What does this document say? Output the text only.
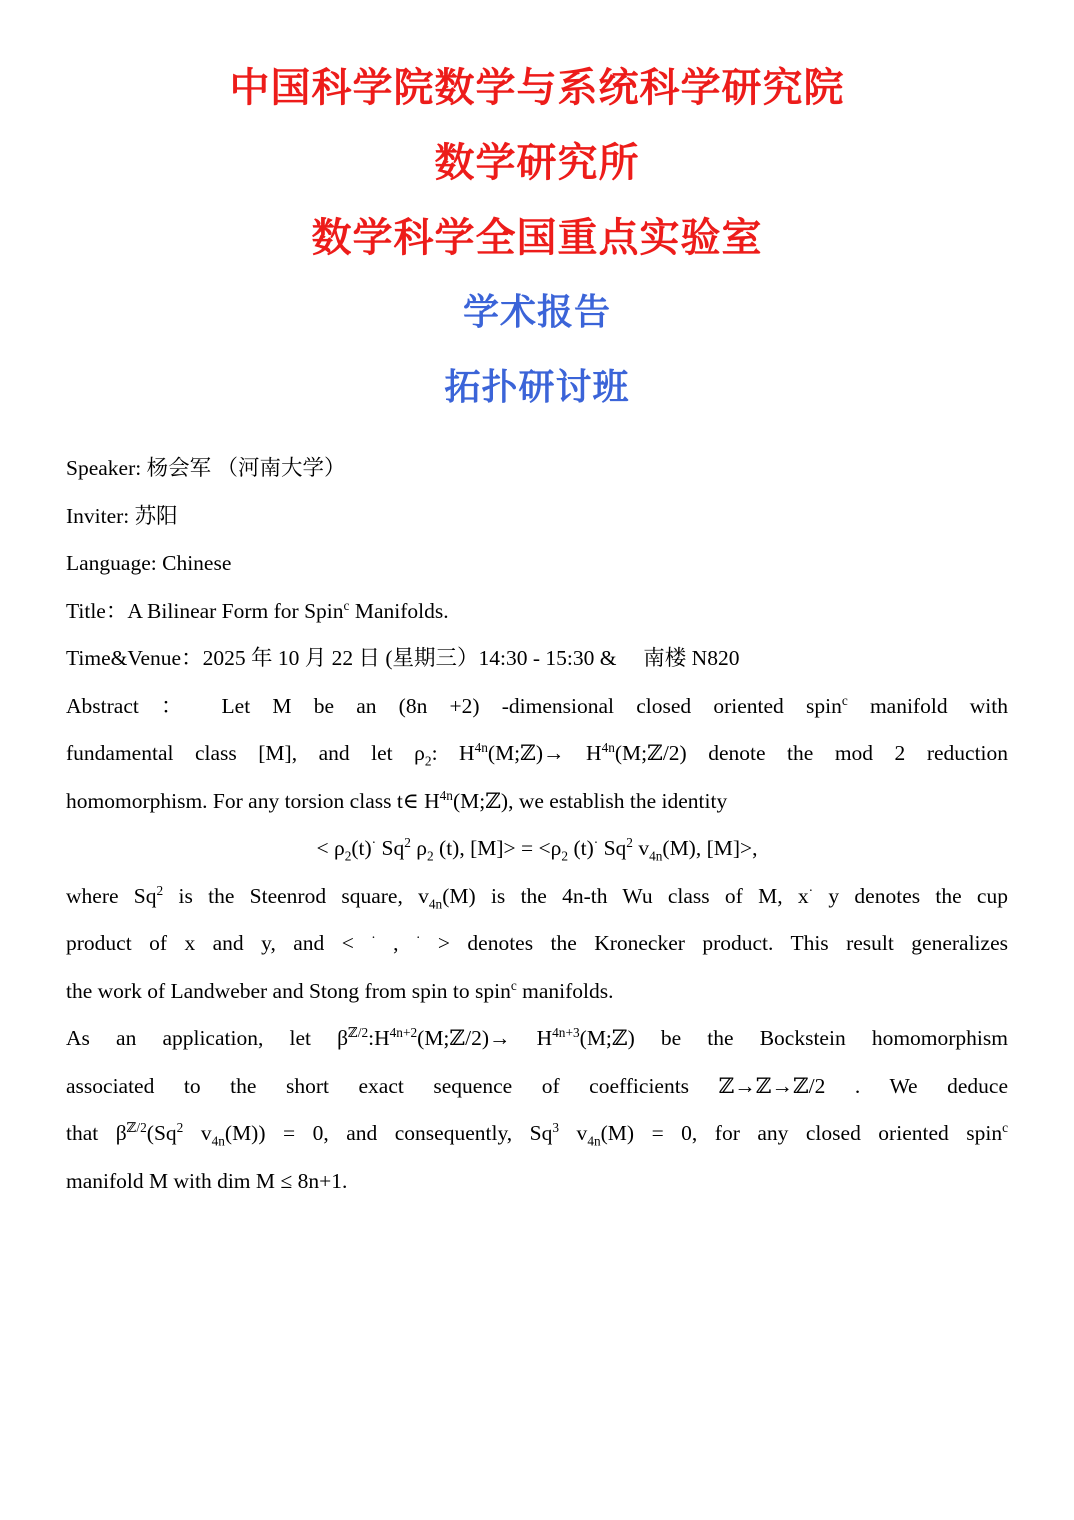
中国科学院数学与系统科学研究院
数学研究所
数学科学全国重点实验室
学术报告
拓扑研讨班
Speaker: 杨会军 （河南大学）
Inviter: 苏阳
Language: Chinese
Title：A Bilinear Form for Spin$^c$ Manifolds.
Time&Venue：2025 年 10 月 22 日 (星期三）14:30 - 15:30 &　 南楼 N820
Abstract ： Let M be an (8n +2) -dimensional closed oriented spin$^c$ manifold with
fundamental class [M], and let $\rho_2$: $H^{4n}(M;ℤ)\to$ $H^{4n}(M;ℤ/2)$ denote the mod 2 reduction
homomorphism. For any torsion class t∈ $H^{4n}(M;ℤ)$, we establish the identity
< $\rho_2(t)^\cdot$ Sq$^2$ $\rho_2$ (t), $[M]> = <\rho_2$ (t)· Sq$^2$ $v_{4n}(M)$, [M]>,
where Sq$^2$ is the Steenrod square, $v_{4n}(M)$ is the 4n-th Wu class of M, x· y denotes the cup
product of x and y, and < · , · > denotes the Kronecker product. This result generalizes
the work of Landweber and Stong from spin to spin$^c$ manifolds.
As an application, let $\beta^{ℤ/2}:H^{4n+2}(M;ℤ/2)\to$ $H^{4n+3}(M;ℤ)$ be the Bockstein homomorphism
associated to the short exact sequence of coefficients ℤ→ℤ→ℤ/2 . We deduce
that $\beta^{ℤ/2}(Sq^2$ $v_{4n}(M)) = 0$, and consequently, Sq$^3$ $v_{4n}(M) = 0$, for any closed oriented spin$^c$
manifold M with dim M ≤ 8n+1.
